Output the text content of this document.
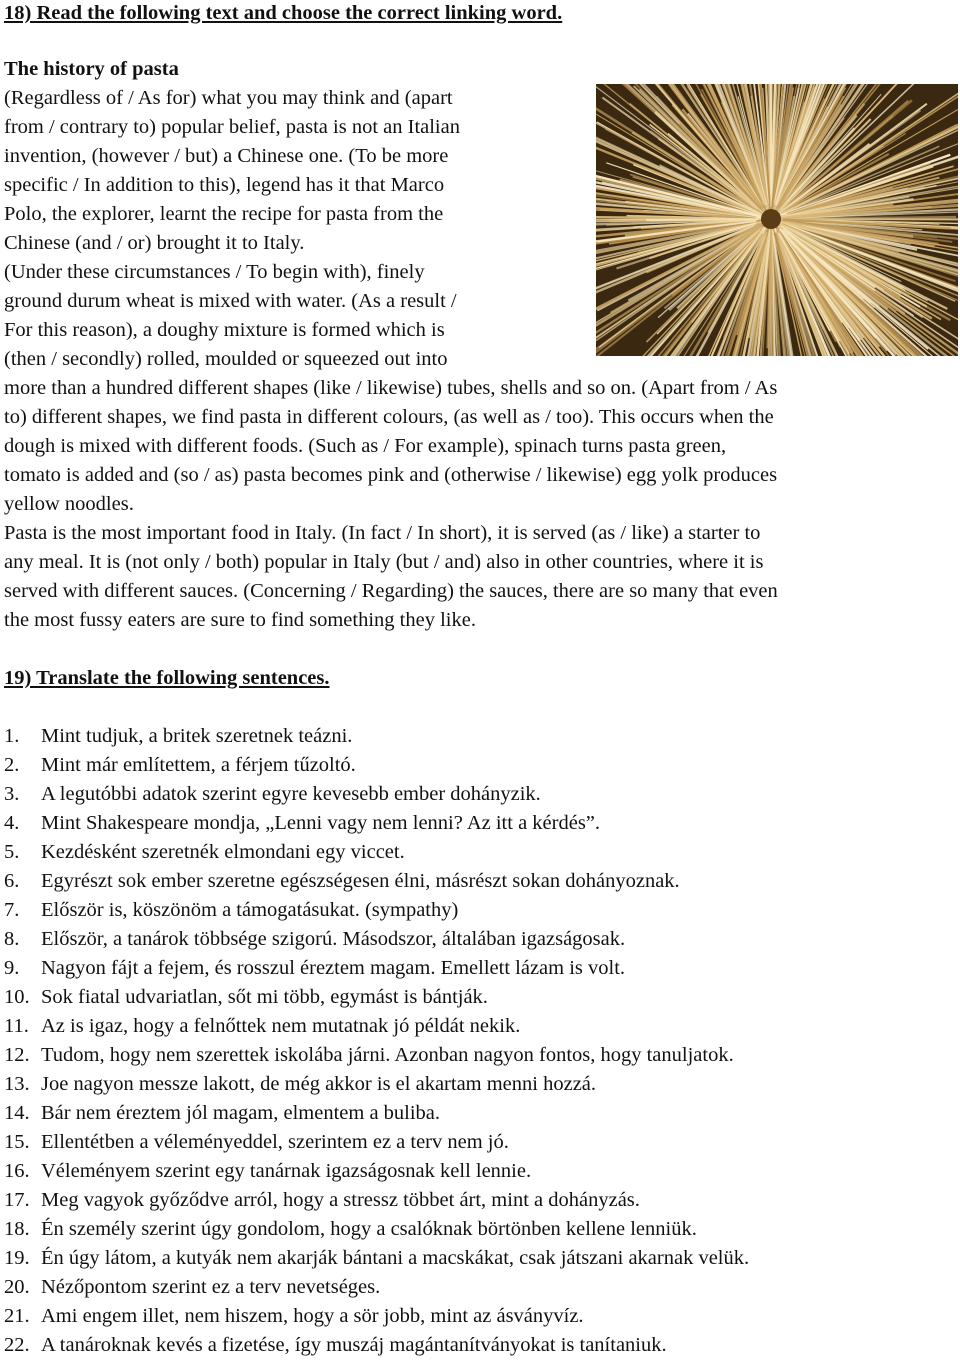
18) Read the following text and choose the correct linking word.
The history of pasta
(Regardless of / As for) what you may think and (apart
from / contrary to) popular belief, pasta is not an Italian
invention, (however / but) a Chinese one. (To be more
specific / In addition to this), legend has it that Marco
Polo, the explorer, learnt the recipe for pasta from the
Chinese (and / or) brought it to Italy.
(Under these circumstances / To begin with), finely
ground durum wheat is mixed with water. (As a result /
For this reason), a doughy mixture is formed which is
(then / secondly) rolled, moulded or squeezed out into
more than a hundred different shapes (like / likewise) tubes, shells and so on. (Apart from / As
to) different shapes, we find pasta in different colours, (as well as / too). This occurs when the
dough is mixed with different foods. (Such as / For example), spinach turns pasta green,
tomato is added and (so / as) pasta becomes pink and (otherwise / likewise) egg yolk produces
yellow noodles.
Pasta is the most important food in Italy. (In fact / In short), it is served (as / like) a starter to
any meal. It is (not only / both) popular in Italy (but / and) also in other countries, where it is
served with different sauces. (Concerning / Regarding) the sauces, there are so many that even
the most fussy eaters are sure to find something they like.
19) Translate the following sentences.
1.	Mint tudjuk, a britek szeretnek teázni.
2.	Mint már említettem, a férjem tűzoltó.
3.	A legutóbbi adatok szerint egyre kevesebb ember dohányzik.
4.	Mint Shakespeare mondja, „Lenni vagy nem lenni? Az itt a kérdés”.
5.	Kezdésként szeretnék elmondani egy viccet.
6.	Egyrészt sok ember szeretne egészségesen élni, másrészt sokan dohányoznak.
7.	Először is, köszönöm a támogatásukat. (sympathy)
8.	Először, a tanárok többsége szigorú. Másodszor, általában igazságosak.
9.	Nagyon fájt a fejem, és rosszul éreztem magam. Emellett lázam is volt.
10. Sok fiatal udvariatlan, sőt mi több, egymást is bántják.
11. Az is igaz, hogy a felnőttek nem mutatnak jó példát nekik.
12. Tudom, hogy nem szerettek iskolába járni. Azonban nagyon fontos, hogy tanuljatok.
13. Joe nagyon messze lakott, de még akkor is el akartam menni hozzá.
14. Bár nem éreztem jól magam, elmentem a buliba.
15. Ellentétben a véleményeddel, szerintem ez a terv nem jó.
16. Véleményem szerint egy tanárnak igazságosnak kell lennie.
17. Meg vagyok győződve arról, hogy a stressz többet árt, mint a dohányzás.
18. Én személy szerint úgy gondolom, hogy a csalóknak börtönben kellene lenniük.
19. Én úgy látom, a kutyák nem akarják bántani a macskákat, csak játszani akarnak velük.
20. Nézőpontom szerint ez a terv nevetséges.
21. Ami engem illet, nem hiszem, hogy a sör jobb, mint az ásványvíz.
22. A tanároknak kevés a fizetése, így muszáj magántanítványokat is tanítaniuk.
